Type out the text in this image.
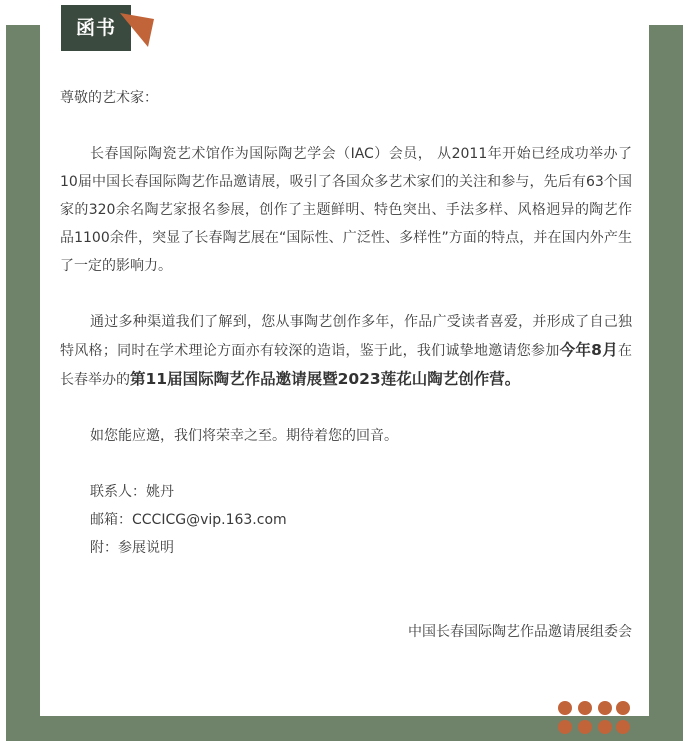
函书

尊敬的艺术家：

长春国际陶瓷艺术馆作为国际陶艺学会（IAC）会员， 从2011年开始已经成功举办了10届中国长春国际陶艺作品邀请展，吸引了各国众多艺术家们的关注和参与，先后有63个国家的320余名陶艺家报名参展，创作了主题鲜明、特色突出、手法多样、风格迥异的陶艺作品1100余件，突显了长春陶艺展在“国际性、广泛性、多样性”方面的特点，并在国内外产生了一定的影响力。

通过多种渠道我们了解到，您从事陶艺创作多年，作品广受读者喜爱，并形成了自己独特风格；同时在学术理论方面亦有较深的造诣，鉴于此，我们诚挚地邀请您参加今年8月在长春举办的第11届国际陶艺作品邀请展暨2023莲花山陶艺创作营。

如您能应邀，我们将荣幸之至。期待着您的回音。

联系人：姚丹

邮箱：CCCICG@vip.163.com

附：参展说明

中国长春国际陶艺作品邀请展组委会
